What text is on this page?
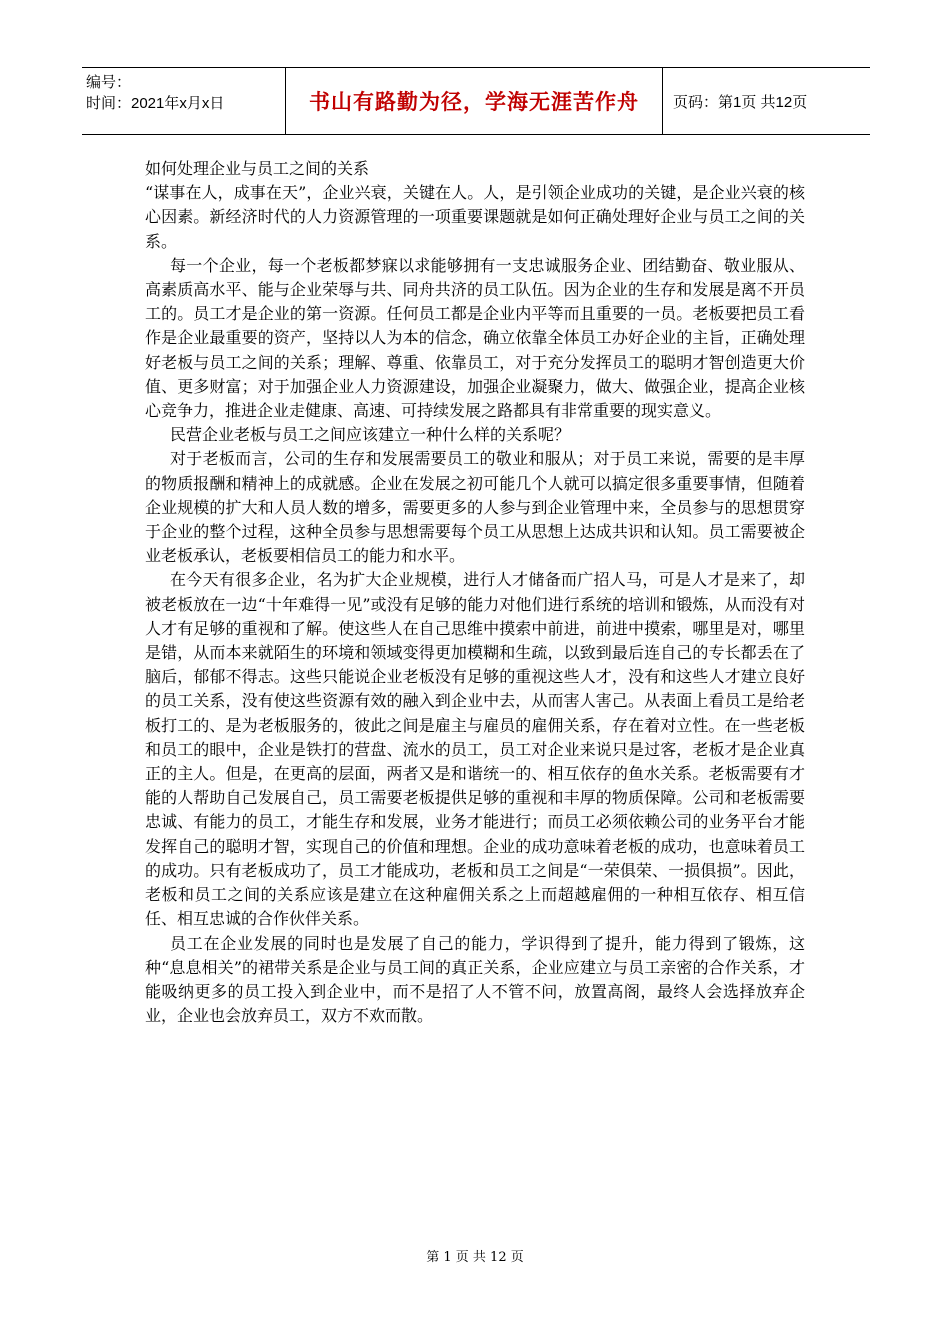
编号：
时间：2021年x月x日	书山有路勤为径，学海无涯苦作舟	页码：第1页 共12页

如何处理企业与员工之间的关系

“谋事在人，成事在天”，企业兴衰，关键在人。人，是引领企业成功的关键，是企业兴衰的核心因素。新经济时代的人力资源管理的一项重要课题就是如何正确处理好企业与员工之间的关系。

每一个企业，每一个老板都梦寐以求能够拥有一支忠诚服务企业、团结勤奋、敬业服从、高素质高水平、能与企业荣辱与共、同舟共济的员工队伍。因为企业的生存和发展是离不开员工的。员工才是企业的第一资源。任何员工都是企业内平等而且重要的一员。老板要把员工看作是企业最重要的资产，坚持以人为本的信念，确立依靠全体员工办好企业的主旨，正确处理好老板与员工之间的关系；理解、尊重、依靠员工，对于充分发挥员工的聪明才智创造更大价值、更多财富；对于加强企业人力资源建设，加强企业凝聚力，做大、做强企业，提高企业核心竞争力，推进企业走健康、高速、可持续发展之路都具有非常重要的现实意义。

民营企业老板与员工之间应该建立一种什么样的关系呢？

对于老板而言，公司的生存和发展需要员工的敬业和服从；对于员工来说，需要的是丰厚的物质报酬和精神上的成就感。企业在发展之初可能几个人就可以搞定很多重要事情，但随着企业规模的扩大和人员人数的增多，需要更多的人参与到企业管理中来，全员参与的思想贯穿于企业的整个过程，这种全员参与思想需要每个员工从思想上达成共识和认知。员工需要被企业老板承认，老板要相信员工的能力和水平。

在今天有很多企业，名为扩大企业规模，进行人才储备而广招人马，可是人才是来了，却被老板放在一边“十年难得一见”或没有足够的能力对他们进行系统的培训和锻炼，从而没有对人才有足够的重视和了解。使这些人在自己思维中摸索中前进，前进中摸索，哪里是对，哪里是错，从而本来就陌生的环境和领域变得更加模糊和生疏，以致到最后连自己的专长都丢在了脑后，郁郁不得志。这些只能说企业老板没有足够的重视这些人才，没有和这些人才建立良好的员工关系，没有使这些资源有效的融入到企业中去，从而害人害己。从表面上看员工是给老板打工的、是为老板服务的，彼此之间是雇主与雇员的雇佣关系，存在着对立性。在一些老板和员工的眼中，企业是铁打的营盘、流水的员工，员工对企业来说只是过客，老板才是企业真正的主人。但是，在更高的层面，两者又是和谐统一的、相互依存的鱼水关系。老板需要有才能的人帮助自己发展自己，员工需要老板提供足够的重视和丰厚的物质保障。公司和老板需要忠诚、有能力的员工，才能生存和发展，业务才能进行；而员工必须依赖公司的业务平台才能发挥自己的聪明才智，实现自己的价值和理想。企业的成功意味着老板的成功，也意味着员工的成功。只有老板成功了，员工才能成功，老板和员工之间是“一荣俱荣、一损俱损”。因此，老板和员工之间的关系应该是建立在这种雇佣关系之上而超越雇佣的一种相互依存、相互信任、相互忠诚的合作伙伴关系。

员工在企业发展的同时也是发展了自己的能力，学识得到了提升，能力得到了锻炼，这种“息息相关”的裙带关系是企业与员工间的真正关系，企业应建立与员工亲密的合作关系，才能吸纳更多的员工投入到企业中，而不是招了人不管不问，放置高阁，最终人会选择放弃企业，企业也会放弃员工，双方不欢而散。

第 1 页 共 12 页
